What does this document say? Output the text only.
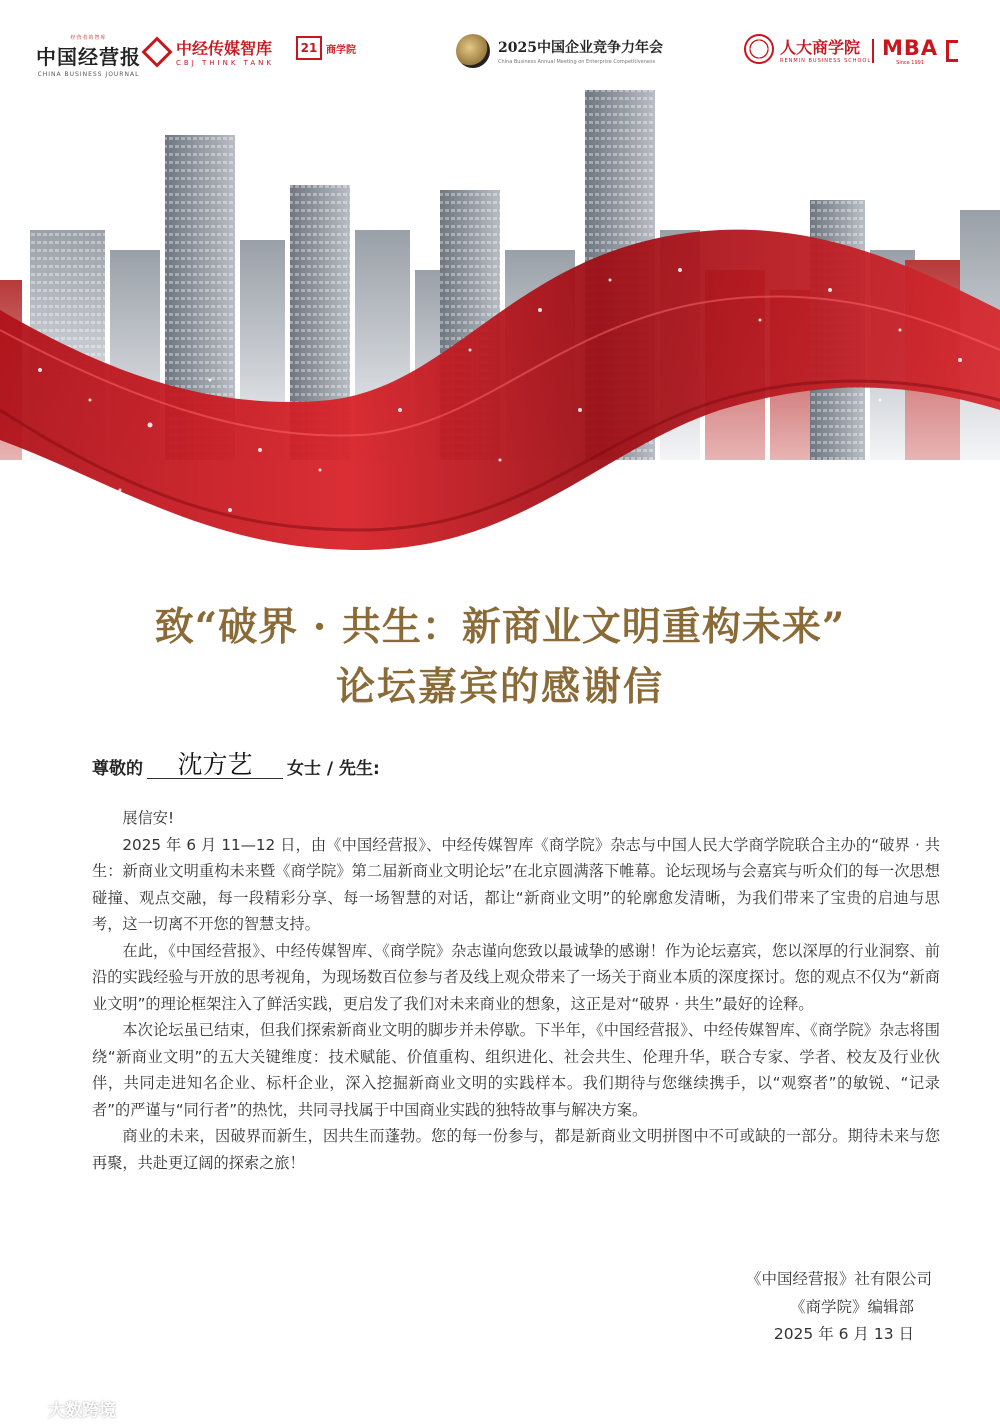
经营者的智库
中国经营报
CHINA BUSINESS JOURNAL
中经传媒智库
CBJ THINK TANK
21 商学院	2025中国企业竞争力年会
China Business Annual Meeting on Enterprise Competitiveness
人大商学院
RENMIN BUSINESS SCHOOL
MBA
Since 1991
致“破界 · 共生：新商业文明重构未来”
论坛嘉宾的感谢信
尊敬的	沈方艺	女士 / 先生:

展信安!

2025 年 6 月 11—12 日，由《中国经营报》、中经传媒智库《商学院》杂志与中国人民大学商学院联合主办的“破界 · 共生：新商业文明重构未来暨《商学院》第二届新商业文明论坛”在北京圆满落下帷幕。论坛现场与会嘉宾与听众们的每一次思想碰撞、观点交融，每一段精彩分享、每一场智慧的对话，都让“新商业文明”的轮廓愈发清晰，为我们带来了宝贵的启迪与思考，这一切离不开您的智慧支持。

在此，《中国经营报》、中经传媒智库、《商学院》杂志谨向您致以最诚挚的感谢！作为论坛嘉宾，您以深厚的行业洞察、前沿的实践经验与开放的思考视角，为现场数百位参与者及线上观众带来了一场关于商业本质的深度探讨。您的观点不仅为“新商业文明”的理论框架注入了鲜活实践，更启发了我们对未来商业的想象，这正是对“破界 · 共生”最好的诠释。

本次论坛虽已结束，但我们探索新商业文明的脚步并未停歇。下半年，《中国经营报》、中经传媒智库、《商学院》杂志将围绕“新商业文明”的五大关键维度：技术赋能、价值重构、组织进化、社会共生、伦理升华，联合专家、学者、校友及行业伙伴，共同走进知名企业、标杆企业，深入挖掘新商业文明的实践样本。我们期待与您继续携手，以“观察者”的敏锐、“记录者”的严谨与“同行者”的热忱，共同寻找属于中国商业实践的独特故事与解决方案。

商业的未来，因破界而新生，因共生而蓬勃。您的每一份参与，都是新商业文明拼图中不可或缺的一部分。期待未来与您再聚，共赴更辽阔的探索之旅！

《中国经营报》社有限公司
《商学院》编辑部
2025 年 6 月 13 日
大数跨境
